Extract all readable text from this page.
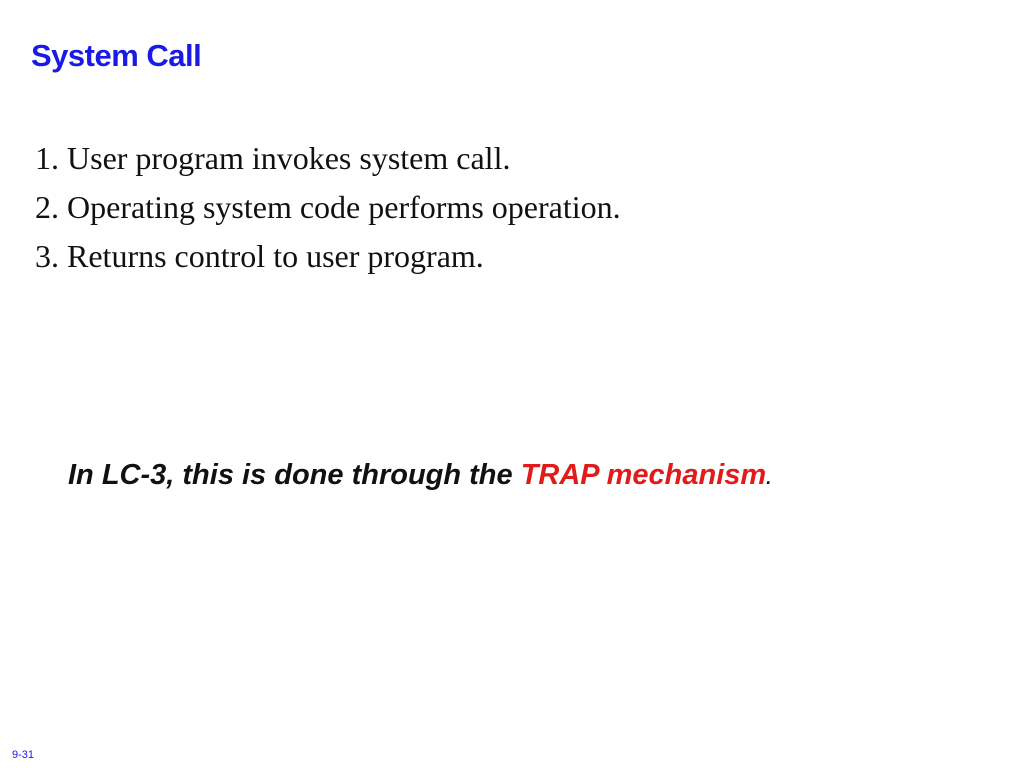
System Call
1. User program invokes system call.
2. Operating system code performs operation.
3. Returns control to user program.
In LC-3, this is done through the TRAP mechanism.
9-31
